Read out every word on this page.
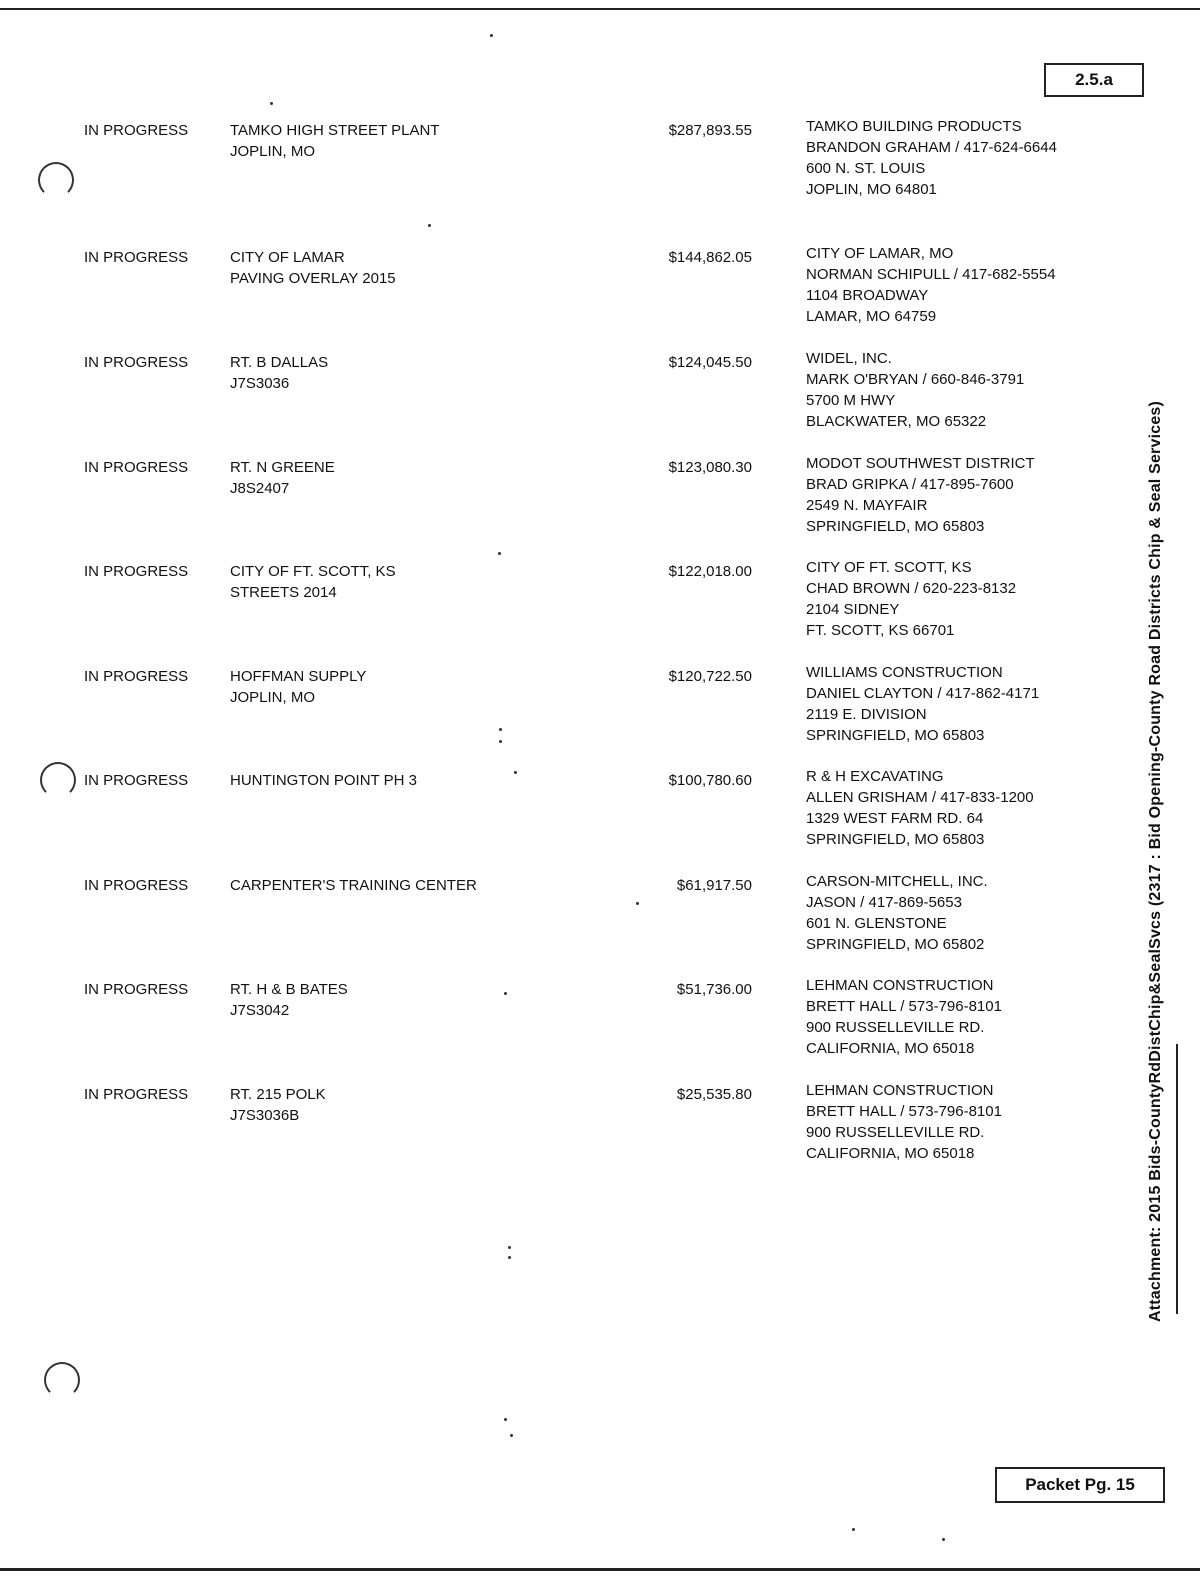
2.5.a
IN PROGRESS	TAMKO HIGH STREET PLANT
JOPLIN, MO
$287,893.55	TAMKO BUILDING PRODUCTS
BRANDON GRAHAM / 417-624-6644
600 N. ST. LOUIS
JOPLIN, MO 64801
IN PROGRESS	CITY OF LAMAR
PAVING OVERLAY 2015
$144,862.05	CITY OF LAMAR, MO
NORMAN SCHIPULL / 417-682-5554
1104 BROADWAY
LAMAR, MO 64759
IN PROGRESS	RT. B DALLAS
J7S3036
$124,045.50	WIDEL, INC.
MARK O'BRYAN / 660-846-3791
5700 M HWY
BLACKWATER, MO 65322
IN PROGRESS	RT. N GREENE
J8S2407
$123,080.30	MODOT SOUTHWEST DISTRICT
BRAD GRIPKA / 417-895-7600
2549 N. MAYFAIR
SPRINGFIELD, MO 65803
IN PROGRESS	CITY OF FT. SCOTT, KS
STREETS 2014
$122,018.00	CITY OF FT. SCOTT, KS
CHAD BROWN / 620-223-8132
2104 SIDNEY
FT. SCOTT, KS 66701
IN PROGRESS	HOFFMAN SUPPLY
JOPLIN, MO
$120,722.50	WILLIAMS CONSTRUCTION
DANIEL CLAYTON / 417-862-4171
2119 E. DIVISION
SPRINGFIELD, MO 65803
IN PROGRESS	HUNTINGTON POINT PH 3	$100,780.60	R & H EXCAVATING
ALLEN GRISHAM / 417-833-1200
1329 WEST FARM RD. 64
SPRINGFIELD, MO 65803
IN PROGRESS	CARPENTER'S TRAINING CENTER	$61,917.50	CARSON-MITCHELL, INC.
JASON / 417-869-5653
601 N. GLENSTONE
SPRINGFIELD, MO 65802
IN PROGRESS	RT. H & B BATES
J7S3042
$51,736.00	LEHMAN CONSTRUCTION
BRETT HALL / 573-796-8101
900 RUSSELLEVILLE RD.
CALIFORNIA, MO 65018
IN PROGRESS	RT. 215 POLK
J7S3036B
$25,535.80	LEHMAN CONSTRUCTION
BRETT HALL / 573-796-8101
900 RUSSELLEVILLE RD.
CALIFORNIA, MO 65018	Attachment: 2015 Bids-CountyRdDistChip&SealSvcs (2317 : Bid Opening-County Road Districts Chip & Seal Services)
Packet Pg. 15
